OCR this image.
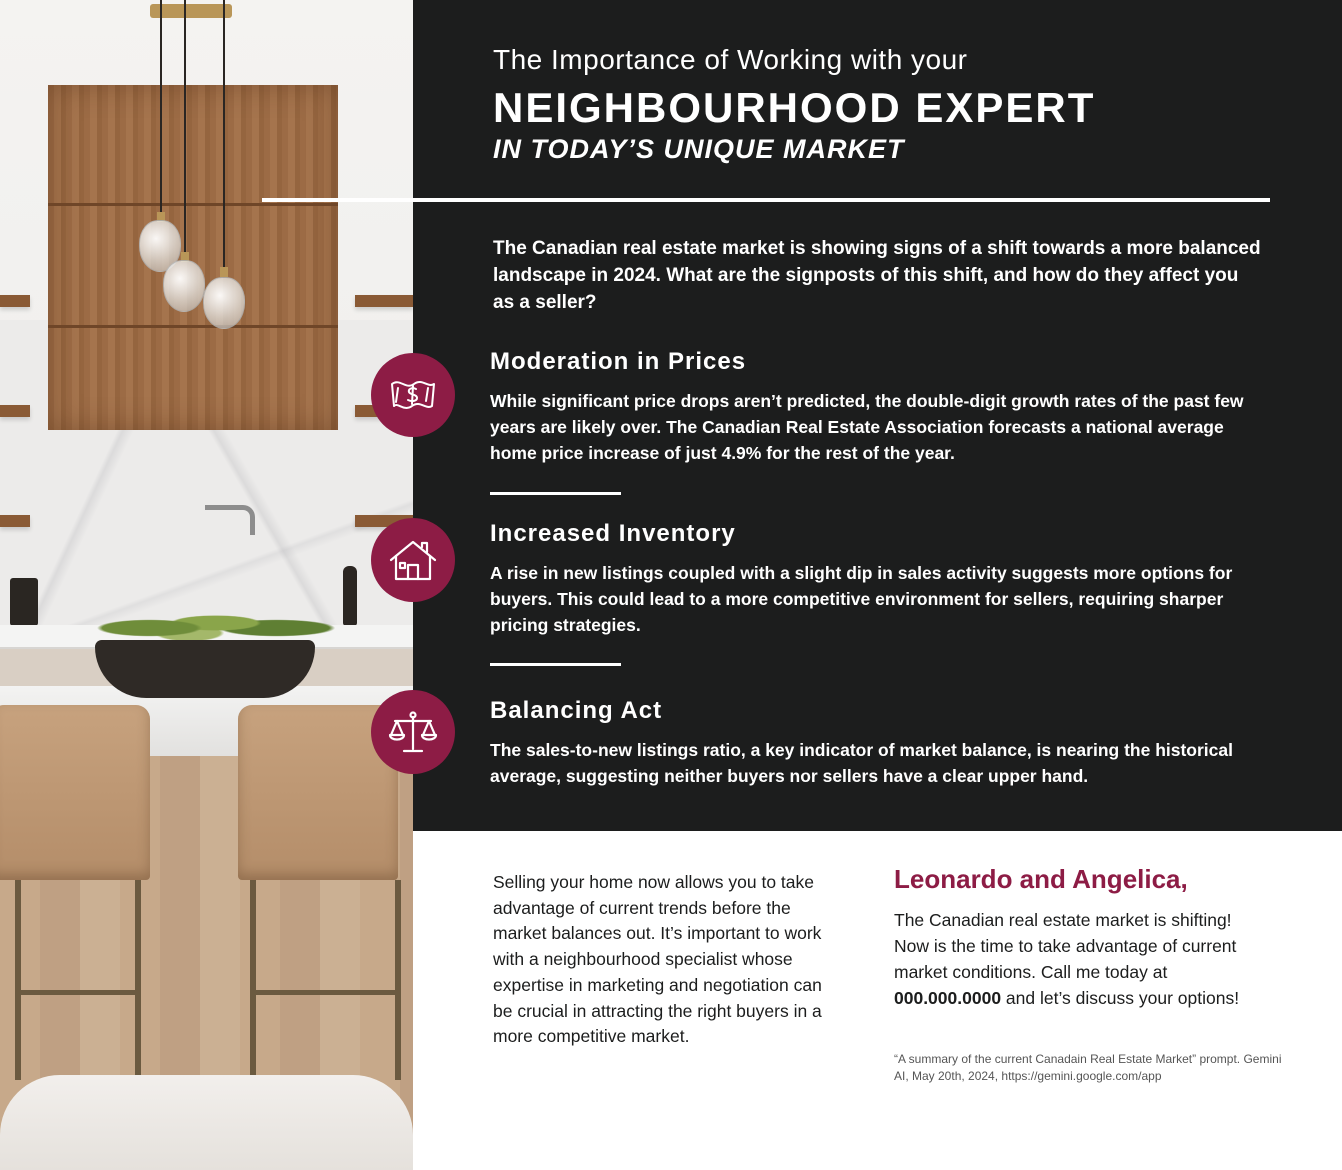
The Importance of Working with your
NEIGHBOURHOOD EXPERT
IN TODAY’S UNIQUE MARKET
The Canadian real estate market is showing signs of a shift towards a more balanced landscape in 2024. What are the signposts of this shift, and how do they affect you as a seller?
Moderation in Prices
While significant price drops aren’t predicted, the double-digit growth rates of the past few years are likely over. The Canadian Real Estate Association forecasts a national average home price increase of just 4.9% for the rest of the year.
Increased Inventory
A rise in new listings coupled with a slight dip in sales activity suggests more options for buyers. This could lead to a more competitive environment for sellers, requiring sharper pricing strategies.
Balancing Act
The sales-to-new listings ratio, a key indicator of market balance, is nearing the historical average, suggesting neither buyers nor sellers have a clear upper hand.
Selling your home now allows you to take advantage of current trends before the market balances out. It’s important to work with a neighbourhood specialist whose expertise in marketing and negotiation can be crucial in attracting the right buyers in a more competitive market.
Leonardo and Angelica,
The Canadian real estate market is shifting! Now is the time to take advantage of current market conditions. Call me today at 000.000.0000 and let’s discuss your options!
“A summary of the current Canadain Real Estate Market” prompt. Gemini AI, May 20th, 2024, https://gemini.google.com/app
